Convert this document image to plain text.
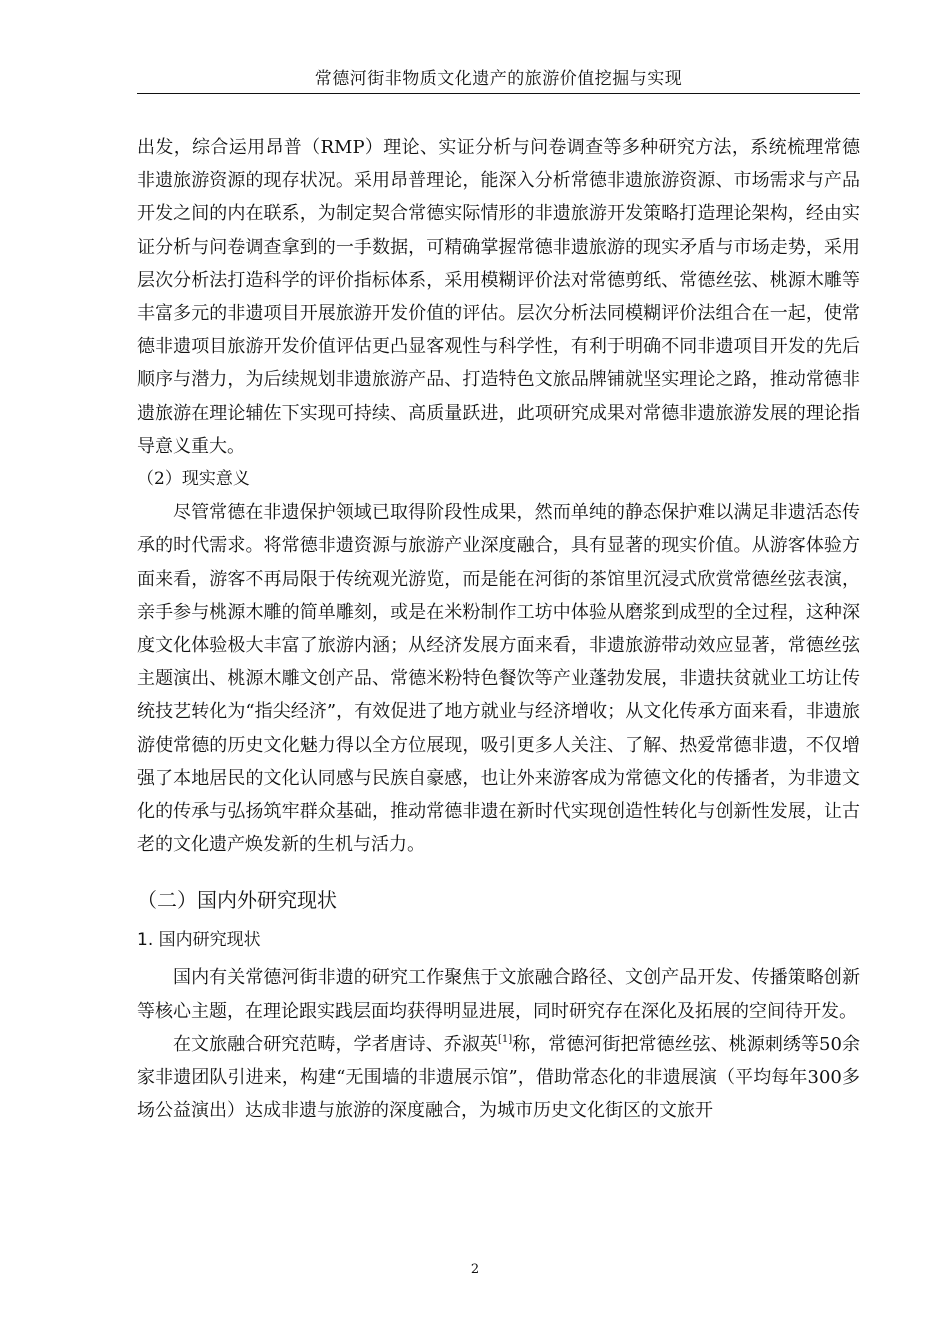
常德河街非物质文化遗产的旅游价值挖掘与实现

出发，综合运用昂普（RMP）理论、实证分析与问卷调查等多种研究方法，系统梳理常德非遗旅游资源的现存状况。采用昂普理论，能深入分析常德非遗旅游资源、市场需求与产品开发之间的内在联系，为制定契合常德实际情形的非遗旅游开发策略打造理论架构，经由实证分析与问卷调查拿到的一手数据，可精确掌握常德非遗旅游的现实矛盾与市场走势，采用层次分析法打造科学的评价指标体系，采用模糊评价法对常德剪纸、常德丝弦、桃源木雕等丰富多元的非遗项目开展旅游开发价值的评估。层次分析法同模糊评价法组合在一起，使常德非遗项目旅游开发价值评估更凸显客观性与科学性，有利于明确不同非遗项目开发的先后顺序与潜力，为后续规划非遗旅游产品、打造特色文旅品牌铺就坚实理论之路，推动常德非遗旅游在理论辅佐下实现可持续、高质量跃进，此项研究成果对常德非遗旅游发展的理论指导意义重大。

（2）现实意义

尽管常德在非遗保护领域已取得阶段性成果，然而单纯的静态保护难以满足非遗活态传承的时代需求。将常德非遗资源与旅游产业深度融合，具有显著的现实价值。从游客体验方面来看，游客不再局限于传统观光游览，而是能在河街的茶馆里沉浸式欣赏常德丝弦表演，亲手参与桃源木雕的简单雕刻，或是在米粉制作工坊中体验从磨浆到成型的全过程，这种深度文化体验极大丰富了旅游内涵；从经济发展方面来看，非遗旅游带动效应显著，常德丝弦主题演出、桃源木雕文创产品、常德米粉特色餐饮等产业蓬勃发展，非遗扶贫就业工坊让传统技艺转化为“指尖经济”，有效促进了地方就业与经济增收；从文化传承方面来看，非遗旅游使常德的历史文化魅力得以全方位展现，吸引更多人关注、了解、热爱常德非遗，不仅增强了本地居民的文化认同感与民族自豪感，也让外来游客成为常德文化的传播者，为非遗文化的传承与弘扬筑牢群众基础，推动常德非遗在新时代实现创造性转化与创新性发展，让古老的文化遗产焕发新的生机与活力。

（二）国内外研究现状
1. 国内研究现状

国内有关常德河街非遗的研究工作聚焦于文旅融合路径、文创产品开发、传播策略创新等核心主题，在理论跟实践层面均获得明显进展，同时研究存在深化及拓展的空间待开发。

在文旅融合研究范畴，学者唐诗、乔淑英[1]称，常德河街把常德丝弦、桃源刺绣等50余家非遗团队引进来，构建“无围墙的非遗展示馆”，借助常态化的非遗展演（平均每年300多场公益演出）达成非遗与旅游的深度融合，为城市历史文化街区的文旅开

2
